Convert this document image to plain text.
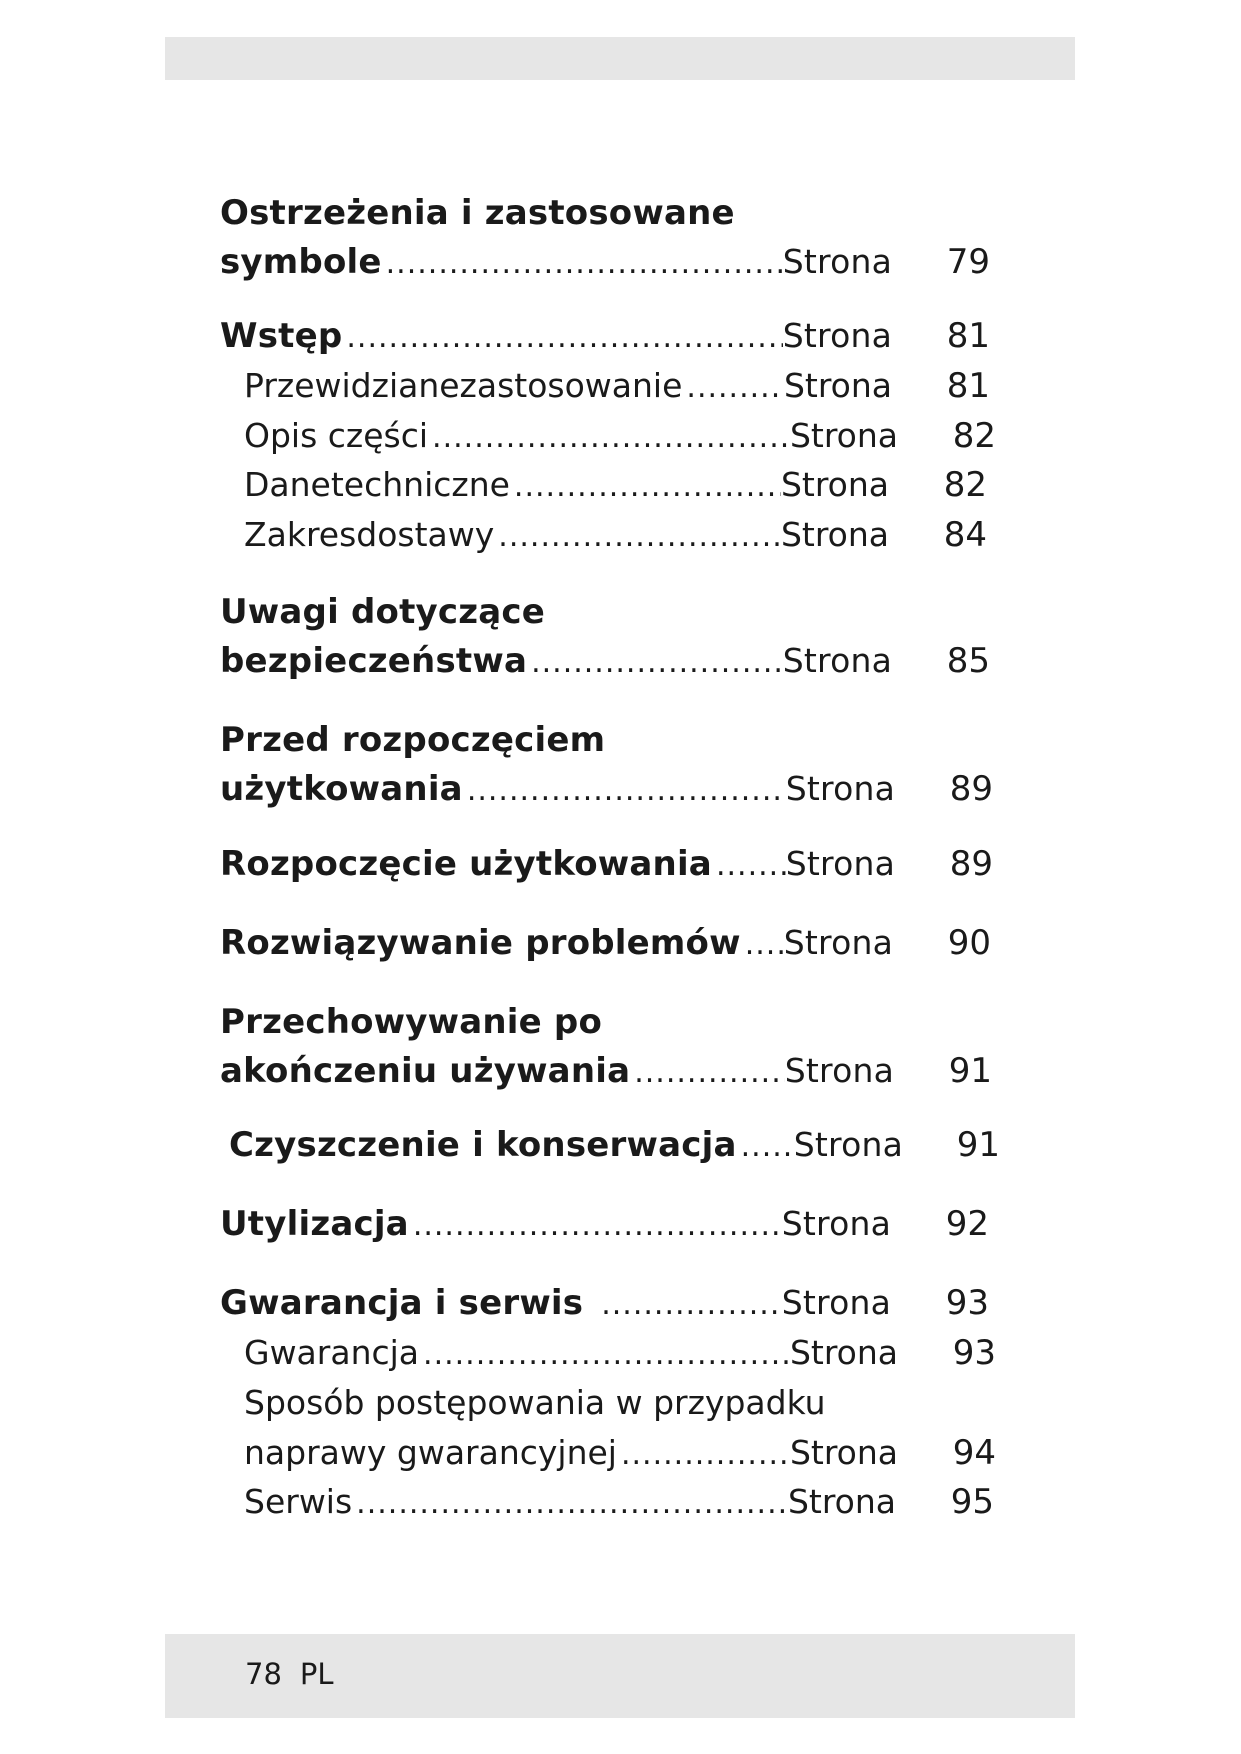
Ostrzeżenia i zastosowane
symbole .....	Strona	79
Wstęp .....	Strona	81
Przewidzianezastosowanie .....	Strona	81
Opis części .....	Strona	82
Danetechniczne .....	Strona	82
Zakresdostawy .....	Strona	84
Uwagi dotyczące
bezpieczeństwa .....	Strona	85
Przed rozpoczęciem
użytkowania .....	Strona	89
Rozpoczęcie użytkowania ..... Strona	89
Rozwiązywanie problemów ..... Strona	90
Przechowywanie po
akończeniu używania .....	Strona	91
Czyszczenie i konserwacja ..... Strona	91
Utylizacja .....	Strona	92
Gwarancja i serwis .....	Strona	93
Gwarancja .....	Strona	93
Sposób postępowania w przypadku
naprawy gwarancyjnej .....	Strona	94
Serwis .....	Strona	95
78 PL
